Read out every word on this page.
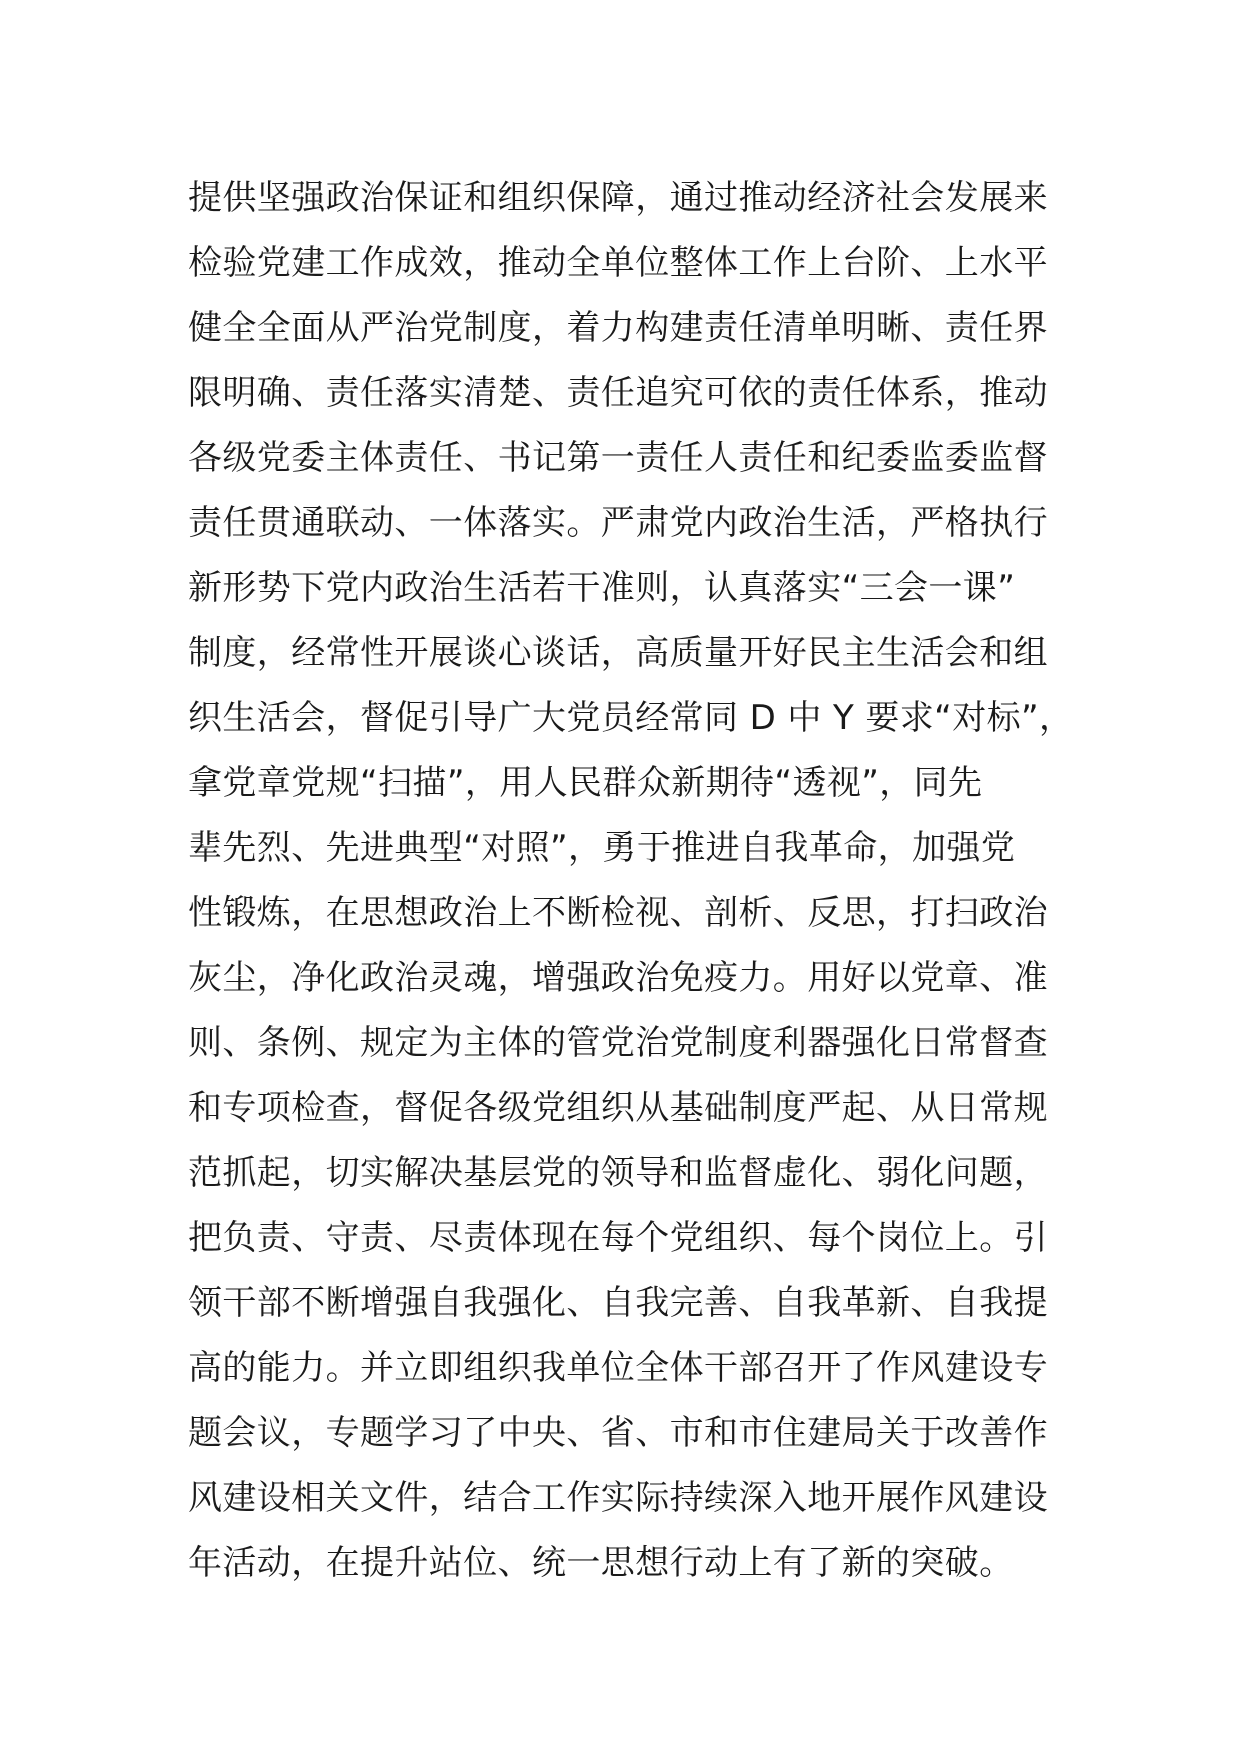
提供坚强政治保证和组织保障，通过推动经济社会发展来
检验党建工作成效，推动全单位整体工作上台阶、上水平
健全全面从严治党制度，着力构建责任清单明晰、责任界
限明确、责任落实清楚、责任追究可依的责任体系，推动
各级党委主体责任、书记第一责任人责任和纪委监委监督
责任贯通联动、一体落实。严肃党内政治生活，严格执行
新形势下党内政治生活若干准则，认真落实“三会一课”
制度，经常性开展谈心谈话，高质量开好民主生活会和组
织生活会，督促引导广大党员经常同 D 中 Y 要求“对标”，
拿党章党规“扫描”，用人民群众新期待“透视”，同先
辈先烈、先进典型“对照”，勇于推进自我革命，加强党
性锻炼，在思想政治上不断检视、剖析、反思，打扫政治
灰尘，净化政治灵魂，增强政治免疫力。用好以党章、准
则、条例、规定为主体的管党治党制度利器强化日常督查
和专项检查，督促各级党组织从基础制度严起、从日常规
范抓起，切实解决基层党的领导和监督虚化、弱化问题，
把负责、守责、尽责体现在每个党组织、每个岗位上。引
领干部不断增强自我强化、自我完善、自我革新、自我提
高的能力。并立即组织我单位全体干部召开了作风建设专
题会议，专题学习了中央、省、市和市住建局关于改善作
风建设相关文件，结合工作实际持续深入地开展作风建设
年活动，在提升站位、统一思想行动上有了新的突破。
